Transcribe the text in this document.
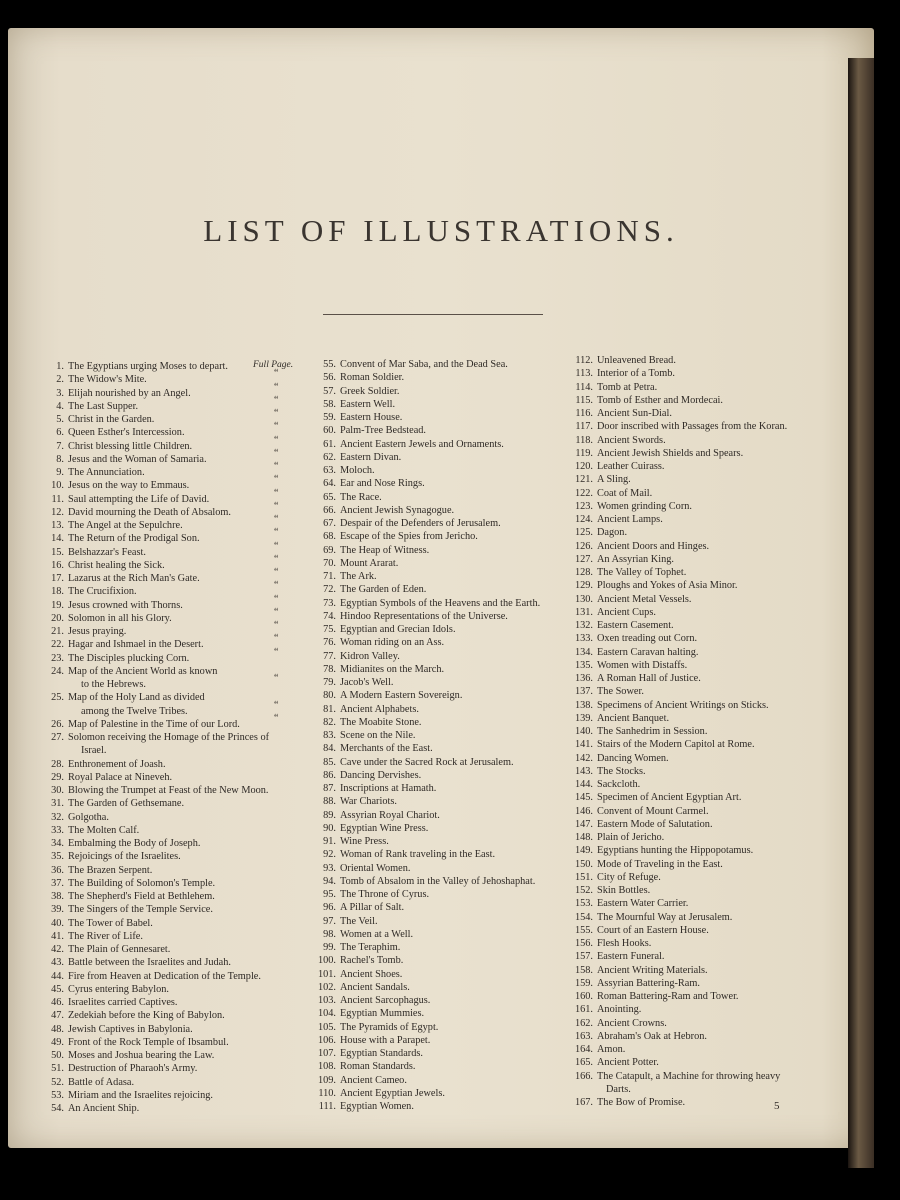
LIST OF ILLUSTRATIONS.
Full Page.
“
“
“
“
“
“
“
“
“
“
“
“
“
“
“
“
“
“
“
“
“
“
“
“
“
1. The Egyptians urging Moses to depart.
2. The Widow's Mite.
3. Elijah nourished by an Angel.
4. The Last Supper.
5. Christ in the Garden.
6. Queen Esther's Intercession.
7. Christ blessing little Children.
8. Jesus and the Woman of Samaria.
9. The Annunciation.
10. Jesus on the way to Emmaus.
11. Saul attempting the Life of David.
12. David mourning the Death of Absalom.
13. The Angel at the Sepulchre.
14. The Return of the Prodigal Son.
15. Belshazzar's Feast.
16. Christ healing the Sick.
17. Lazarus at the Rich Man's Gate.
18. The Crucifixion.
19. Jesus crowned with Thorns.
20. Solomon in all his Glory.
21. Jesus praying.
22. Hagar and Ishmael in the Desert.
23. The Disciples plucking Corn.
24. Map of the Ancient World as known
to the Hebrews.
25. Map of the Holy Land as divided
among the Twelve Tribes.
26. Map of Palestine in the Time of our Lord.
27. Solomon receiving the Homage of the Princes of
Israel.
28. Enthronement of Joash.
29. Royal Palace at Nineveh.
30. Blowing the Trumpet at Feast of the New Moon.
31. The Garden of Gethsemane.
32. Golgotha.
33. The Molten Calf.
34. Embalming the Body of Joseph.
35. Rejoicings of the Israelites.
36. The Brazen Serpent.
37. The Building of Solomon's Temple.
38. The Shepherd's Field at Bethlehem.
39. The Singers of the Temple Service.
40. The Tower of Babel.
41. The River of Life.
42. The Plain of Gennesaret.
43. Battle between the Israelites and Judah.
44. Fire from Heaven at Dedication of the Temple.
45. Cyrus entering Babylon.
46. Israelites carried Captives.
47. Zedekiah before the King of Babylon.
48. Jewish Captives in Babylonia.
49. Front of the Rock Temple of Ibsambul.
50. Moses and Joshua bearing the Law.
51. Destruction of Pharaoh's Army.
52. Battle of Adasa.
53. Miriam and the Israelites rejoicing.
54. An Ancient Ship.
55. Convent of Mar Saba, and the Dead Sea.
56. Roman Soldier.
57. Greek Soldier.
58. Eastern Well.
59. Eastern House.
60. Palm-Tree Bedstead.
61. Ancient Eastern Jewels and Ornaments.
62. Eastern Divan.
63. Moloch.
64. Ear and Nose Rings.
65. The Race.
66. Ancient Jewish Synagogue.
67. Despair of the Defenders of Jerusalem.
68. Escape of the Spies from Jericho.
69. The Heap of Witness.
70. Mount Ararat.
71. The Ark.
72. The Garden of Eden.
73. Egyptian Symbols of the Heavens and the Earth.
74. Hindoo Representations of the Universe.
75. Egyptian and Grecian Idols.
76. Woman riding on an Ass.
77. Kidron Valley.
78. Midianites on the March.
79. Jacob's Well.
80. A Modern Eastern Sovereign.
81. Ancient Alphabets.
82. The Moabite Stone.
83. Scene on the Nile.
84. Merchants of the East.
85. Cave under the Sacred Rock at Jerusalem.
86. Dancing Dervishes.
87. Inscriptions at Hamath.
88. War Chariots.
89. Assyrian Royal Chariot.
90. Egyptian Wine Press.
91. Wine Press.
92. Woman of Rank traveling in the East.
93. Oriental Women.
94. Tomb of Absalom in the Valley of Jehoshaphat.
95. The Throne of Cyrus.
96. A Pillar of Salt.
97. The Veil.
98. Women at a Well.
99. The Teraphim.
100. Rachel's Tomb.
101. Ancient Shoes.
102. Ancient Sandals.
103. Ancient Sarcophagus.
104. Egyptian Mummies.
105. The Pyramids of Egypt.
106. House with a Parapet.
107. Egyptian Standards.
108. Roman Standards.
109. Ancient Cameo.
110. Ancient Egyptian Jewels.
111. Egyptian Women.
112. Unleavened Bread.
113. Interior of a Tomb.
114. Tomb at Petra.
115. Tomb of Esther and Mordecai.
116. Ancient Sun-Dial.
117. Door inscribed with Passages from the Koran.
118. Ancient Swords.
119. Ancient Jewish Shields and Spears.
120. Leather Cuirass.
121. A Sling.
122. Coat of Mail.
123. Women grinding Corn.
124. Ancient Lamps.
125. Dagon.
126. Ancient Doors and Hinges.
127. An Assyrian King.
128. The Valley of Tophet.
129. Ploughs and Yokes of Asia Minor.
130. Ancient Metal Vessels.
131. Ancient Cups.
132. Eastern Casement.
133. Oxen treading out Corn.
134. Eastern Caravan halting.
135. Women with Distaffs.
136. A Roman Hall of Justice.
137. The Sower.
138. Specimens of Ancient Writings on Sticks.
139. Ancient Banquet.
140. The Sanhedrim in Session.
141. Stairs of the Modern Capitol at Rome.
142. Dancing Women.
143. The Stocks.
144. Sackcloth.
145. Specimen of Ancient Egyptian Art.
146. Convent of Mount Carmel.
147. Eastern Mode of Salutation.
148. Plain of Jericho.
149. Egyptians hunting the Hippopotamus.
150. Mode of Traveling in the East.
151. City of Refuge.
152. Skin Bottles.
153. Eastern Water Carrier.
154. The Mournful Way at Jerusalem.
155. Court of an Eastern House.
156. Flesh Hooks.
157. Eastern Funeral.
158. Ancient Writing Materials.
159. Assyrian Battering-Ram.
160. Roman Battering-Ram and Tower.
161. Anointing.
162. Ancient Crowns.
163. Abraham's Oak at Hebron.
164. Amon.
165. Ancient Potter.
166. The Catapult, a Machine for throwing heavy
Darts.
167. The Bow of Promise.	5
